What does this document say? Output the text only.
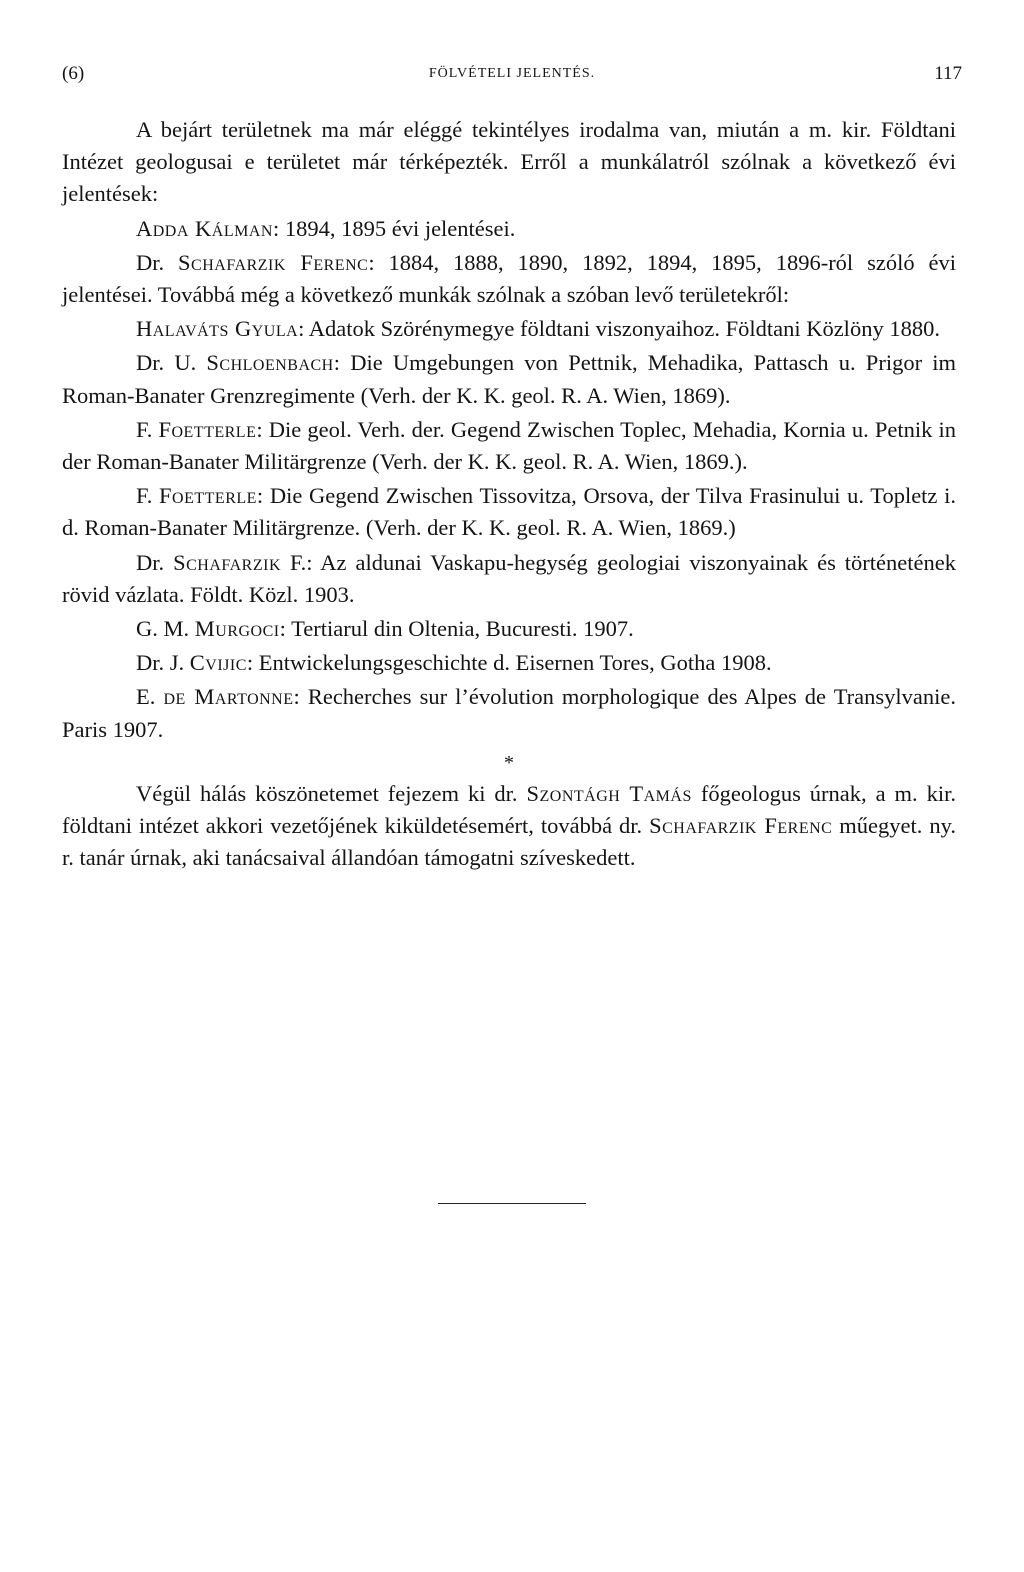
(6)	FÖLVÉTELI JELENTÉS.	117

A bejárt területnek ma már eléggé tekintélyes irodalma van, miután a m. kir. Földtani Intézet geologusai e területet már térképezték. Erről a munkálatról szólnak a következő évi jelentések:

Adda Kálman: 1894, 1895 évi jelentései.

Dr. Schafarzik Ferenc: 1884, 1888, 1890, 1892, 1894, 1895, 1896-ról szóló évi jelentései. Továbbá még a következő munkák szólnak a szóban levő területekről:

Halaváts Gyula: Adatok Szörénymegye földtani viszonyaihoz. Földtani Közlöny 1880.

Dr. U. Schloenbach: Die Umgebungen von Pettnik, Mehadika, Pattasch u. Prigor im Roman-Banater Grenzregimente (Verh. der K. K. geol. R. A. Wien, 1869).

F. Foetterle: Die geol. Verh. der. Gegend Zwischen Toplec, Mehadia, Kornia u. Petnik in der Roman-Banater Militärgrenze (Verh. der K. K. geol. R. A. Wien, 1869.).

F. Foetterle: Die Gegend Zwischen Tissovitza, Orsova, der Tilva Frasinului u. Topletz i. d. Roman-Banater Militärgrenze. (Verh. der K. K. geol. R. A. Wien, 1869.)

Dr. Schafarzik F.: Az aldunai Vaskapu-hegység geologiai viszonyainak és történetének rövid vázlata. Földt. Közl. 1903.

G. M. Murgoci: Tertiarul din Oltenia, Bucuresti. 1907.

Dr. J. Cvijic: Entwickelungsgeschichte d. Eisernen Tores, Gotha 1908.

E. de Martonne: Recherches sur l’évolution morphologique des Alpes de Transylvanie. Paris 1907.

*

Végül hálás köszönetemet fejezem ki dr. Szontágh Tamás főgeologus úrnak, a m. kir. földtani intézet akkori vezetőjének kiküldetésemért, továbbá dr. Schafarzik Ferenc műegyet. ny. r. tanár úrnak, aki tanácsaival állandóan támogatni szíveskedett.
